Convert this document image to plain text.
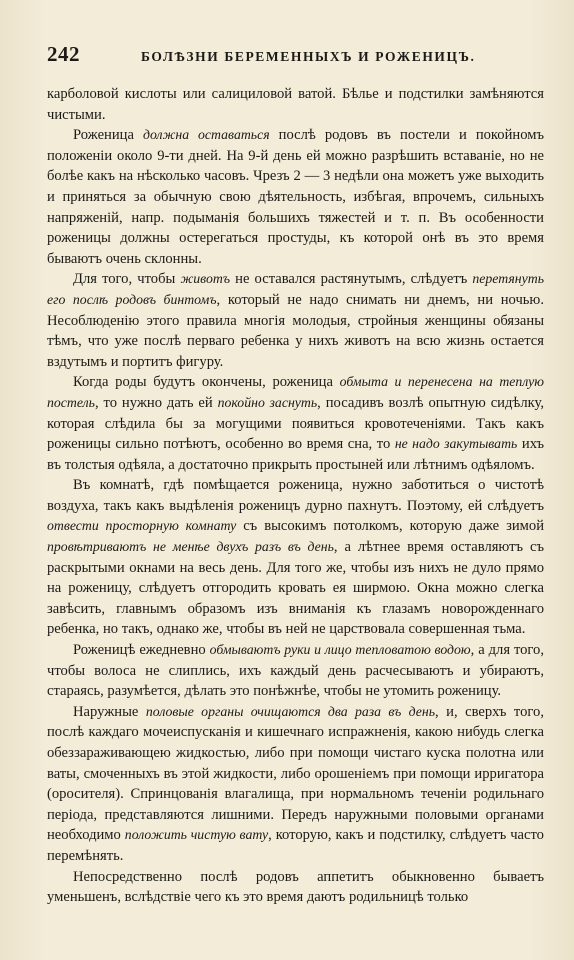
242	БОЛѢЗНИ БЕРЕМЕННЫХЪ И РОЖЕНИЦЪ.

карболовой кислоты или салициловой ватой. Бѣлье и подстилки замѣняются чистыми.

Роженица должна оставаться послѣ родовъ въ постели и покойномъ положеніи около 9-ти дней. На 9-й день ей можно разрѣшить вставаніе, но не болѣе какъ на нѣсколько часовъ. Чрезъ 2 — 3 недѣли она можетъ уже выходить и приняться за обычную свою дѣятельность, избѣгая, впрочемъ, сильныхъ напряженій, напр. подыманія большихъ тяжестей и т. п. Въ особенности роженицы должны остерегаться простуды, къ которой онѣ въ это время бываютъ очень склонны.

Для того, чтобы животъ не оставался растянутымъ, слѣдуетъ перетянуть его послѣ родовъ бинтомъ, который не надо снимать ни днемъ, ни ночью. Несоблюденію этого правила многія молодыя, стройныя женщины обязаны тѣмъ, что уже послѣ перваго ребенка у нихъ животъ на всю жизнь остается вздутымъ и портитъ фигуру.

Когда роды будутъ окончены, роженица обмыта и перенесена на теплую постель, то нужно дать ей покойно заснуть, посадивъ возлѣ опытную сидѣлку, которая слѣдила бы за могущими появиться кровотеченіями. Такъ какъ роженицы сильно потѣютъ, особенно во время сна, то не надо закутывать ихъ въ толстыя одѣяла, а достаточно прикрыть простыней или лѣтнимъ одѣяломъ.

Въ комнатѣ, гдѣ помѣщается роженица, нужно заботиться о чистотѣ воздуха, такъ какъ выдѣленія роженицъ дурно пахнутъ. Поэтому, ей слѣдуетъ отвести просторную комнату съ высокимъ потолкомъ, которую даже зимой провѣтриваютъ не менѣе двухъ разъ въ день, а лѣтнее время оставляютъ съ раскрытыми окнами на весь день. Для того же, чтобы изъ нихъ не дуло прямо на роженицу, слѣдуетъ отгородить кровать ея ширмою. Окна можно слегка завѣсить, главнымъ образомъ изъ вниманія къ глазамъ новорожденнаго ребенка, но такъ, однако же, чтобы въ ней не царствовала совершенная тьма.

Роженицѣ ежедневно обмываютъ руки и лицо тепловатою водою, а для того, чтобы волоса не слиплись, ихъ каждый день расчесываютъ и убираютъ, стараясь, разумѣется, дѣлать это понѣжнѣе, чтобы не утомить роженицу.

Наружные половые органы очищаются два раза въ день, и, сверхъ того, послѣ каждаго мочеиспусканія и кишечнаго испражненія, какою нибудь слегка обеззараживающею жидкостью, либо при помощи чистаго куска полотна или ваты, смоченныхъ въ этой жидкости, либо орошеніемъ при помощи ирригатора (оросителя). Спринцованія влагалища, при нормальномъ теченіи родильнаго періода, представляются лишними. Передъ наружными половыми органами необходимо положить чистую вату, которую, какъ и подстилку, слѣдуетъ часто перемѣнять.

Непосредственно послѣ родовъ аппетитъ обыкновенно бываетъ уменьшенъ, вслѣдствіе чего къ это время даютъ родильницѣ только
